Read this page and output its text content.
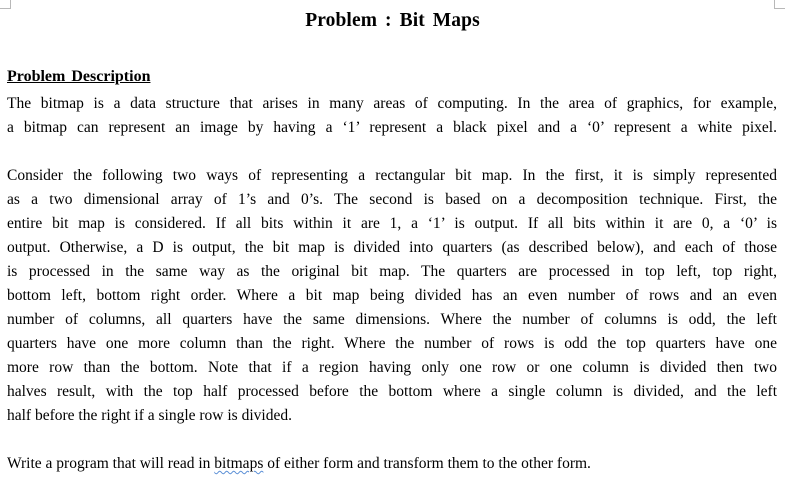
Problem : Bit Maps
Problem Description
The bitmap is a data structure that arises in many areas of computing. In the area of graphics, for example,
a bitmap can represent an image by having a ‘1’ represent a black pixel and a ‘0’ represent a white pixel.
Consider the following two ways of representing a rectangular bit map. In the first, it is simply represented
as a two dimensional array of 1’s and 0’s. The second is based on a decomposition technique. First, the
entire bit map is considered. If all bits within it are 1, a ‘1’ is output. If all bits within it are 0, a ‘0’ is
output. Otherwise, a D is output, the bit map is divided into quarters (as described below), and each of those
is processed in the same way as the original bit map. The quarters are processed in top left, top right,
bottom left, bottom right order. Where a bit map being divided has an even number of rows and an even
number of columns, all quarters have the same dimensions. Where the number of columns is odd, the left
quarters have one more column than the right. Where the number of rows is odd the top quarters have one
more row than the bottom. Note that if a region having only one row or one column is divided then two
halves result, with the top half processed before the bottom where a single column is divided, and the left
half before the right if a single row is divided.
Write a program that will read in bitmaps of either form and transform them to the other form.
